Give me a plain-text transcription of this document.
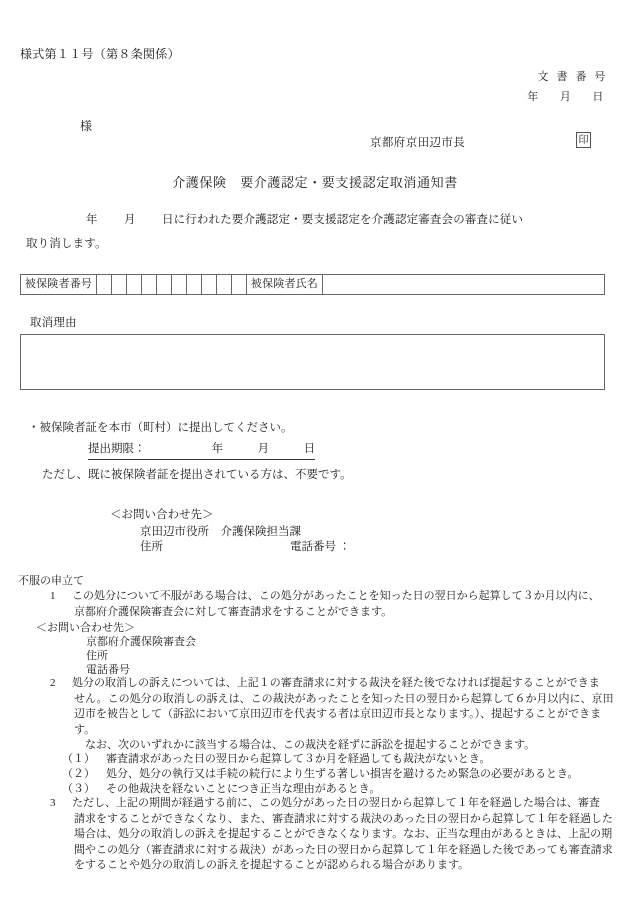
様式第１１号（第８条関係）
文 書 番 号
年　 月　 日
様
京都府京田辺市長	印
介護保険　要介護認定・要支援認定取消通知書
年　　 月　　 日に行われた要介護認定・要支援認定を介護認定審査会の審査に従い
取り消します。
被保険者番号	被保険者氏名
取消理由
・被保険者証を本市（町村）に提出してください。
提出期限 ：　　　　　　年　　　月　　　日
ただし、既に被保険者証を提出されている方は、不要です。
＜お問い合わせ先＞
京田辺市役所　介護保険担当課
住所	電話番号 ：
不服の申立て
1	この処分について不服がある場合は、この処分があったことを知った日の翌日から起算して３か月以内に、
京都府介護保険審査会に対して審査請求をすることができます。
＜お問い合わせ先＞
京都府介護保険審査会
住所
電話番号
2 処分の取消しの訴えについては、上記１の審査請求に対する裁決を経た後でなければ提起することができま
せん。この処分の取消しの訴えは、この裁決があったことを知った日の翌日から起算して６か月以内に、京田
辺市を被告として（訴訟において京田辺市を代表する者は京田辺市長となります。）、提起することができま
す。
なお、次のいずれかに該当する場合は、この裁決を経ずに訴訟を提起することができます。
（１） 審査請求があった日の翌日から起算して３か月を経過しても裁決がないとき。
（２） 処分、処分の執行又は手続の続行により生ずる著しい損害を避けるため緊急の必要があるとき。
（３） その他裁決を経ないことにつき正当な理由があるとき。
3 ただし、上記の期間が経過する前に、この処分があった日の翌日から起算して１年を経過した場合は、審査
請求をすることができなくなり、また、審査請求に対する裁決のあった日の翌日から起算して１年を経過した
場合は、処分の取消しの訴えを提起することができなくなります。なお、正当な理由があるときは、上記の期
間やこの処分（審査請求に対する裁決）があった日の翌日から起算して１年を経過した後であっても審査請求
をすることや処分の取消しの訴えを提起することが認められる場合があります。
